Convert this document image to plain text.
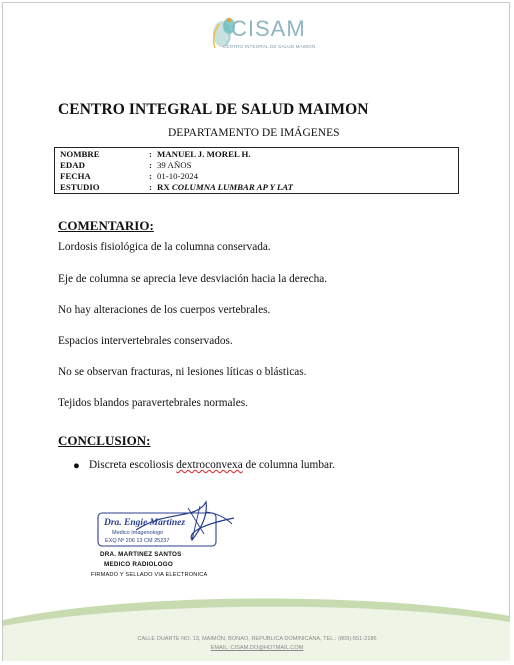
CISAM
CENTRO INTEGRAL DE SALUD MAIMON
CENTRO INTEGRAL DE SALUD MAIMON
DEPARTAMENTO DE IMÁGENES
NOMBRE	: MANUEL J. MOREL H.
EDAD	: 39 AÑOS
FECHA	: 01-10-2024
ESTUDIO	: RX COLUMNA LUMBAR AP Y LAT
COMENTARIO:
Lordosis fisiológica de la columna conservada.
Eje de columna se aprecia leve desviación hacia la derecha.
No hay alteraciones de los cuerpos vertebrales.
Espacios intervertebrales conservados.
No se observan fracturas, ni lesiones líticas o blásticas.
Tejidos blandos paravertebrales normales.
CONCLUSION:
● Discreta escoliosis dextroconvexa de columna lumbar.
Dra. Engie Martinez
Medico Imagenologo
EXQ Nº 206 13 CM 25237
DRA. MARTINEZ SANTOS
MEDICO RADIOLOGO
FIRMADO Y SELLADO VIA ELECTRONICA
CALLE DUARTE NO. 13, MAIMÓN, BONAO, REPUBLICA DOMINICANA, TEL.: (809)-551-2186
EMAIL: CISAM.DO@HOTMAIL.COM
